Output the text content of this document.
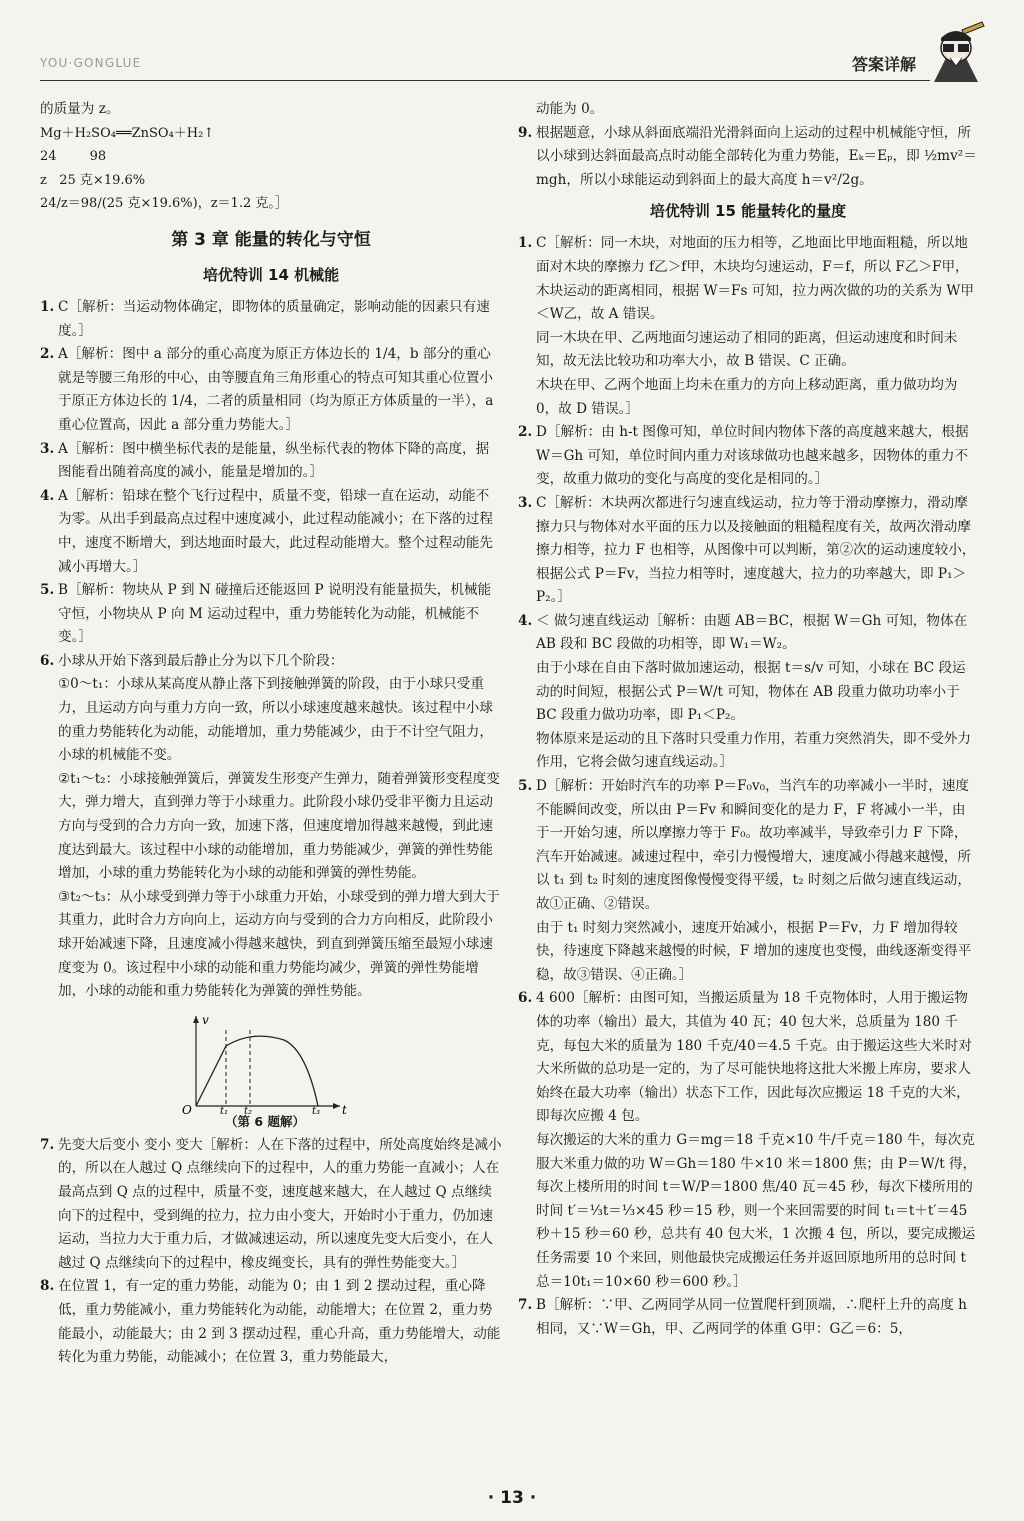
YOU·GONGLUE	答案详解

的质量为 z。

Mg＋H₂SO₄══ZnSO₄＋H₂↑

24        98

z   25 克×19.6%

24/z＝98/(25 克×19.6%)，z＝1.2 克。］

第 3 章 能量的转化与守恒
培优特训 14 机械能
1. C［解析：当运动物体确定，即物体的质量确定，影响动能的因素只有速度。］
2. A［解析：图中 a 部分的重心高度为原正方体边长的 1/4，b 部分的重心就是等腰三角形的中心，由等腰直角三角形重心的特点可知其重心位置小于原正方体边长的 1/4，二者的质量相同（均为原正方体质量的一半），a 重心位置高，因此 a 部分重力势能大。］
3. A［解析：图中横坐标代表的是能量，纵坐标代表的物体下降的高度，据图能看出随着高度的减小，能量是增加的。］
4. A［解析：铅球在整个飞行过程中，质量不变，铅球一直在运动，动能不为零。从出手到最高点过程中速度减小，此过程动能减小；在下落的过程中，速度不断增大，到达地面时最大，此过程动能增大。整个过程动能先减小再增大。］
5. B［解析：物块从 P 到 N 碰撞后还能返回 P 说明没有能量损失，机械能守恒，小物块从 P 向 M 运动过程中，重力势能转化为动能，机械能不变。］
6. 小球从开始下落到最后静止分为以下几个阶段：

①0～t₁：小球从某高度从静止落下到接触弹簧的阶段，由于小球只受重力，且运动方向与重力方向一致，所以小球速度越来越快。该过程中小球的重力势能转化为动能，动能增加，重力势能减少，由于不计空气阻力，小球的机械能不变。

②t₁～t₂：小球接触弹簧后，弹簧发生形变产生弹力，随着弹簧形变程度变大，弹力增大，直到弹力等于小球重力。此阶段小球仍受非平衡力且运动方向与受到的合力方向一致，加速下落，但速度增加得越来越慢，到此速度达到最大。该过程中小球的动能增加，重力势能减少，弹簧的弹性势能增加，小球的重力势能转化为小球的动能和弹簧的弹性势能。

③t₂～t₃：从小球受到弹力等于小球重力开始，小球受到的弹力增大到大于其重力，此时合力方向向上，运动方向与受到的合力方向相反，此阶段小球开始减速下降，且速度减小得越来越快，到直到弹簧压缩至最短小球速度变为 0。该过程中小球的动能和重力势能均减少，弹簧的弹性势能增加，小球的动能和重力势能转化为弹簧的弹性势能。

v
t
O	t₁ t₂	t₃
（第 6 题解）
7. 先变大后变小 变小 变大［解析：人在下落的过程中，所处高度始终是减小的，所以在人越过 Q 点继续向下的过程中，人的重力势能一直减小；人在最高点到 Q 点的过程中，质量不变，速度越来越大，在人越过 Q 点继续向下的过程中，受到绳的拉力，拉力由小变大，开始时小于重力，仍加速运动，当拉力大于重力后，才做减速运动，所以速度先变大后变小，在人越过 Q 点继续向下的过程中，橡皮绳变长，具有的弹性势能变大。］
8. 在位置 1，有一定的重力势能，动能为 0；由 1 到 2 摆动过程，重心降低，重力势能减小，重力势能转化为动能，动能增大；在位置 2，重力势能最小，动能最大；由 2 到 3 摆动过程，重心升高，重力势能增大，动能转化为重力势能，动能减小；在位置 3，重力势能最大，

动能为 0。

9. 根据题意，小球从斜面底端沿光滑斜面向上运动的过程中机械能守恒，所以小球到达斜面最高点时动能全部转化为重力势能，Eₖ＝Eₚ，即 ½mv²＝mgh，所以小球能运动到斜面上的最大高度 h＝v²/2g。
培优特训 15 能量转化的量度
1. C［解析：同一木块，对地面的压力相等，乙地面比甲地面粗糙，所以地面对木块的摩擦力 f乙＞f甲，木块均匀速运动，F＝f，所以 F乙＞F甲，木块运动的距离相同，根据 W＝Fs 可知，拉力两次做的功的关系为 W甲＜W乙，故 A 错误。
同一木块在甲、乙两地面匀速运动了相同的距离，但运动速度和时间未知，故无法比较功和功率大小，故 B 错误、C 正确。
木块在甲、乙两个地面上均未在重力的方向上移动距离，重力做功均为 0，故 D 错误。］
2. D［解析：由 h-t 图像可知，单位时间内物体下落的高度越来越大，根据 W＝Gh 可知，单位时间内重力对该球做功也越来越多，因物体的重力不变，故重力做功的变化与高度的变化是相同的。］
3. C［解析：木块两次都进行匀速直线运动，拉力等于滑动摩擦力，滑动摩擦力只与物体对水平面的压力以及接触面的粗糙程度有关，故两次滑动摩擦力相等，拉力 F 也相等，从图像中可以判断，第②次的运动速度较小，根据公式 P＝Fv，当拉力相等时，速度越大，拉力的功率越大，即 P₁＞P₂。］
4. ＜ 做匀速直线运动［解析：由题 AB＝BC，根据 W＝Gh 可知，物体在 AB 段和 BC 段做的功相等，即 W₁＝W₂。
由于小球在自由下落时做加速运动，根据 t＝s/v 可知，小球在 BC 段运动的时间短，根据公式 P＝W/t 可知，物体在 AB 段重力做功功率小于 BC 段重力做功功率，即 P₁＜P₂。
物体原来是运动的且下落时只受重力作用，若重力突然消失，即不受外力作用，它将会做匀速直线运动。］
5. D［解析：开始时汽车的功率 P＝F₀v₀，当汽车的功率减小一半时，速度不能瞬间改变，所以由 P＝Fv 和瞬间变化的是力 F，F 将减小一半，由于一开始匀速，所以摩擦力等于 F₀。故功率减半，导致牵引力 F 下降，汽车开始减速。减速过程中，牵引力慢慢增大，速度减小得越来越慢，所以 t₁ 到 t₂ 时刻的速度图像慢慢变得平缓，t₂ 时刻之后做匀速直线运动，故①正确、②错误。
由于 t₁ 时刻力突然减小，速度开始减小，根据 P＝Fv，力 F 增加得较快，待速度下降越来越慢的时候，F 增加的速度也变慢，曲线逐渐变得平稳，故③错误、④正确。］
6. 4 600［解析：由图可知，当搬运质量为 18 千克物体时，人用于搬运物体的功率（输出）最大，其值为 40 瓦；40 包大米，总质量为 180 千克，每包大米的质量为 180 千克/40＝4.5 千克。由于搬运这些大米时对大米所做的总功是一定的，为了尽可能快地将这批大米搬上库房，要求人始终在最大功率（输出）状态下工作，因此每次应搬运 18 千克的大米，即每次应搬 4 包。
每次搬运的大米的重力 G＝mg＝18 千克×10 牛/千克＝180 牛，每次克服大米重力做的功 W＝Gh＝180 牛×10 米＝1800 焦；由 P＝W/t 得，每次上楼所用的时间 t＝W/P＝1800 焦/40 瓦＝45 秒，每次下楼所用的时间 t′＝⅓t＝⅓×45 秒＝15 秒，则一个来回需要的时间 t₁＝t＋t′＝45 秒＋15 秒＝60 秒，总共有 40 包大米，1 次搬 4 包，所以，要完成搬运任务需要 10 个来回，则他最快完成搬运任务并返回原地所用的总时间 t总＝10t₁＝10×60 秒＝600 秒。］
7. B［解析：∵甲、乙两同学从同一位置爬杆到顶端，∴爬杆上升的高度 h 相同，又∵W＝Gh，甲、乙两同学的体重 G甲：G乙＝6：5，
· 13 ·
